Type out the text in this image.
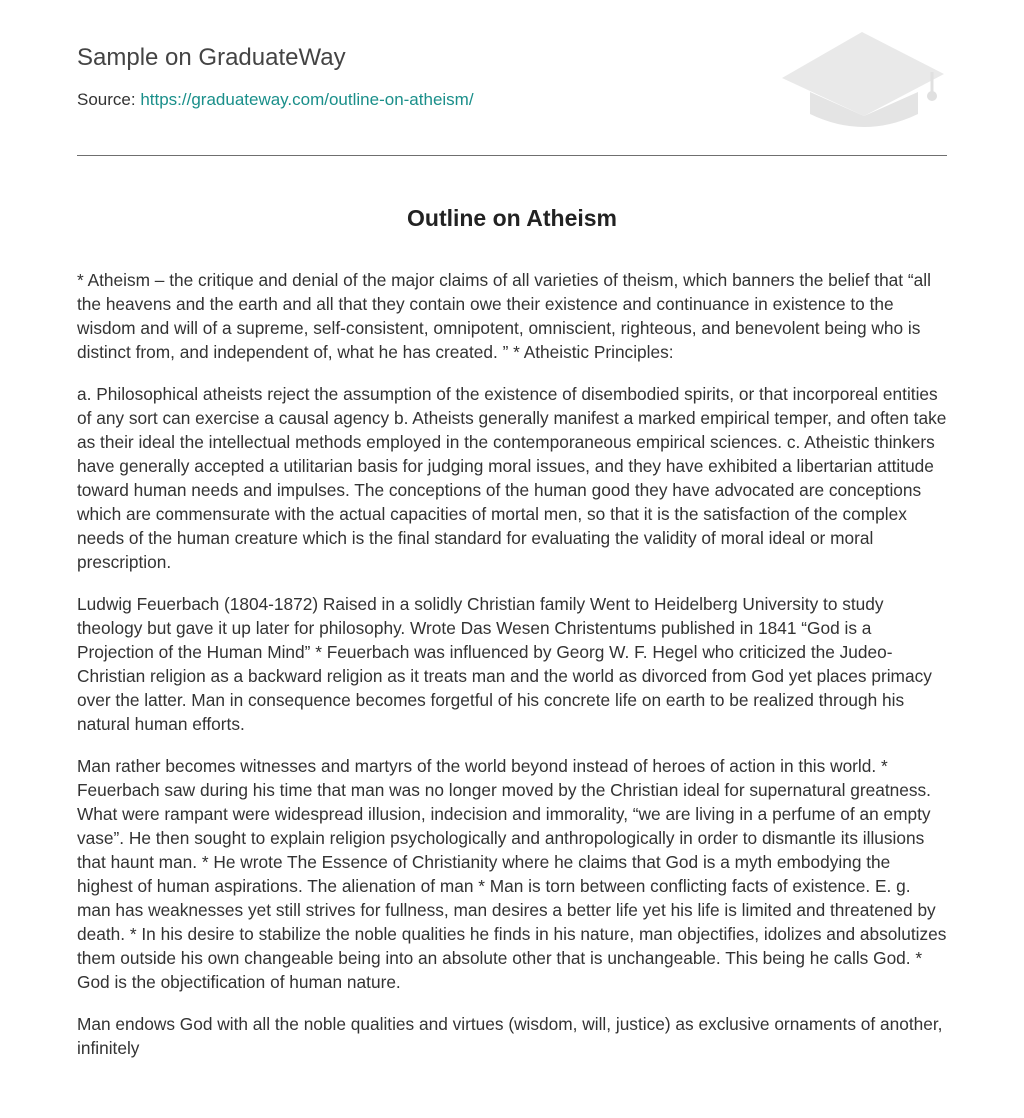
Sample on GraduateWay
Source: https://graduateway.com/outline-on-atheism/
Outline on Atheism

* Atheism – the critique and denial of the major claims of all varieties of theism, which banners the belief that “all the heavens and the earth and all that they contain owe their existence and continuance in existence to the wisdom and will of a supreme, self-consistent, omnipotent, omniscient, righteous, and benevolent being who is distinct from, and independent of, what he has created. ” * Atheistic Principles:

a. Philosophical atheists reject the assumption of the existence of disembodied spirits, or that incorporeal entities of any sort can exercise a causal agency b. Atheists generally manifest a marked empirical temper, and often take as their ideal the intellectual methods employed in the contemporaneous empirical sciences. c. Atheistic thinkers have generally accepted a utilitarian basis for judging moral issues, and they have exhibited a libertarian attitude toward human needs and impulses. The conceptions of the human good they have advocated are conceptions which are commensurate with the actual capacities of mortal men, so that it is the satisfaction of the complex needs of the human creature which is the final standard for evaluating the validity of moral ideal or moral prescription.

Ludwig Feuerbach (1804-1872) Raised in a solidly Christian family Went to Heidelberg University to study theology but gave it up later for philosophy. Wrote Das Wesen Christentums published in 1841 “God is a Projection of the Human Mind” * Feuerbach was influenced by Georg W. F. Hegel who criticized the Judeo-Christian religion as a backward religion as it treats man and the world as divorced from God yet places primacy over the latter. Man in consequence becomes forgetful of his concrete life on earth to be realized through his natural human efforts.

Man rather becomes witnesses and martyrs of the world beyond instead of heroes of action in this world. * Feuerbach saw during his time that man was no longer moved by the Christian ideal for supernatural greatness. What were rampant were widespread illusion, indecision and immorality, “we are living in a perfume of an empty vase”. He then sought to explain religion psychologically and anthropologically in order to dismantle its illusions that haunt man. * He wrote The Essence of Christianity where he claims that God is a myth embodying the highest of human aspirations. The alienation of man * Man is torn between conflicting facts of existence. E. g. man has weaknesses yet still strives for fullness, man desires a better life yet his life is limited and threatened by death. * In his desire to stabilize the noble qualities he finds in his nature, man objectifies, idolizes and absolutizes them outside his own changeable being into an absolute other that is unchangeable. This being he calls God. * God is the objectification of human nature.

Man endows God with all the noble qualities and virtues (wisdom, will, justice) as exclusive ornaments of another, infinitely
